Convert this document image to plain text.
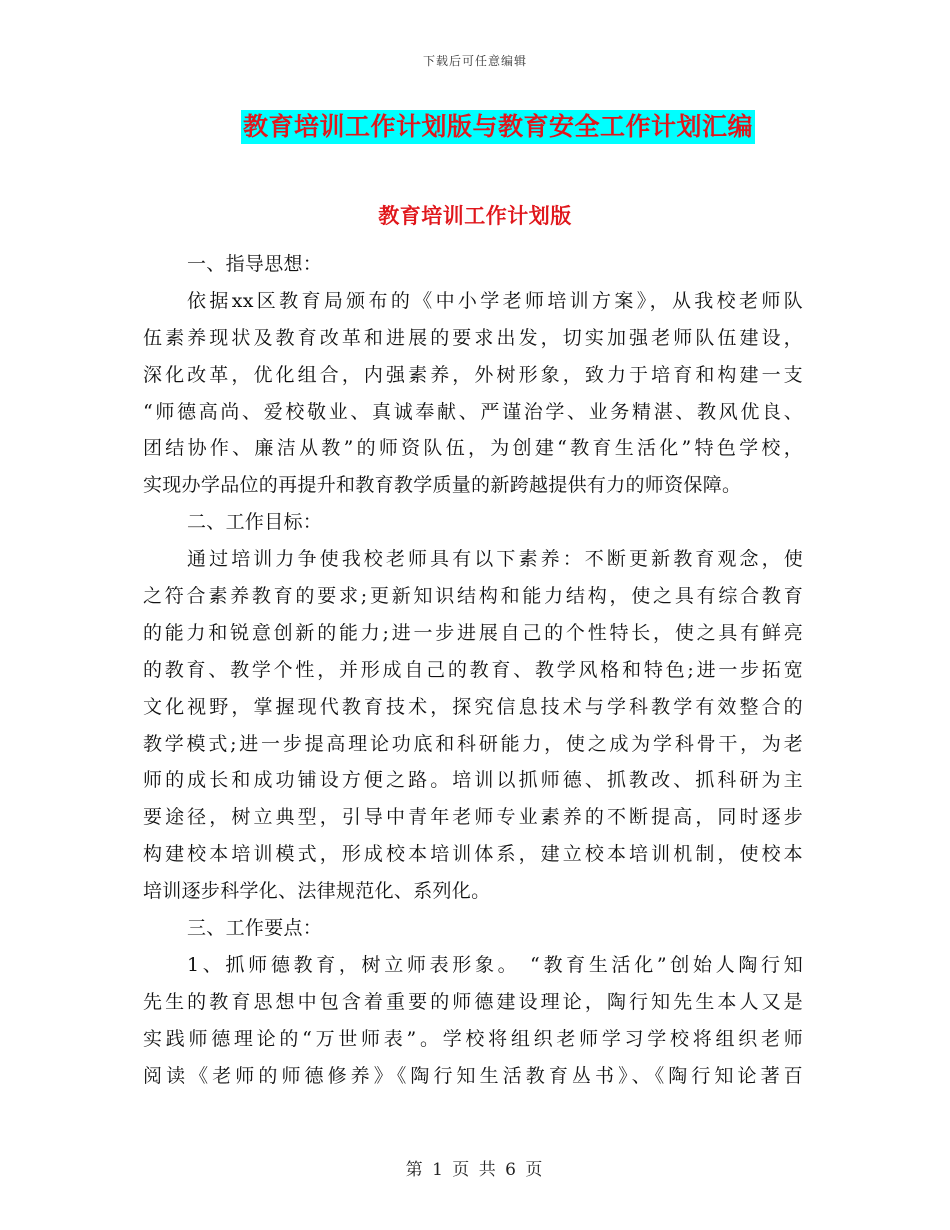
下载后可任意编辑
教育培训工作计划版与教育安全工作计划汇编
教育培训工作计划版
一、指导思想：
依据xx区教育局颁布的《中小学老师培训方案》，从我校老师队
伍素养现状及教育改革和进展的要求出发，切实加强老师队伍建设，
深化改革，优化组合，内强素养，外树形象，致力于培育和构建一支
“师德高尚、爱校敬业、真诚奉献、严谨治学、业务精湛、教风优良、
团结协作、廉洁从教”的师资队伍，为创建“教育生活化”特色学校，
实现办学品位的再提升和教育教学质量的新跨越提供有力的师资保障。
二、工作目标：
通过培训力争使我校老师具有以下素养：不断更新教育观念，使
之符合素养教育的要求;更新知识结构和能力结构，使之具有综合教育
的能力和锐意创新的能力;进一步进展自己的个性特长，使之具有鲜亮
的教育、教学个性，并形成自己的教育、教学风格和特色;进一步拓宽
文化视野，掌握现代教育技术，探究信息技术与学科教学有效整合的
教学模式;进一步提高理论功底和科研能力，使之成为学科骨干，为老
师的成长和成功铺设方便之路。培训以抓师德、抓教改、抓科研为主
要途径，树立典型，引导中青年老师专业素养的不断提高，同时逐步
构建校本培训模式，形成校本培训体系，建立校本培训机制，使校本
培训逐步科学化、法律规范化、系列化。
三、工作要点：
1、抓师德教育，树立师表形象。 “教育生活化”创始人陶行知
先生的教育思想中包含着重要的师德建设理论，陶行知先生本人又是
实践师德理论的“万世师表”。学校将组织老师学习学校将组织老师
阅读《老师的师德修养》《陶行知生活教育丛书》、《陶行知论著百
第 1 页 共 6 页
